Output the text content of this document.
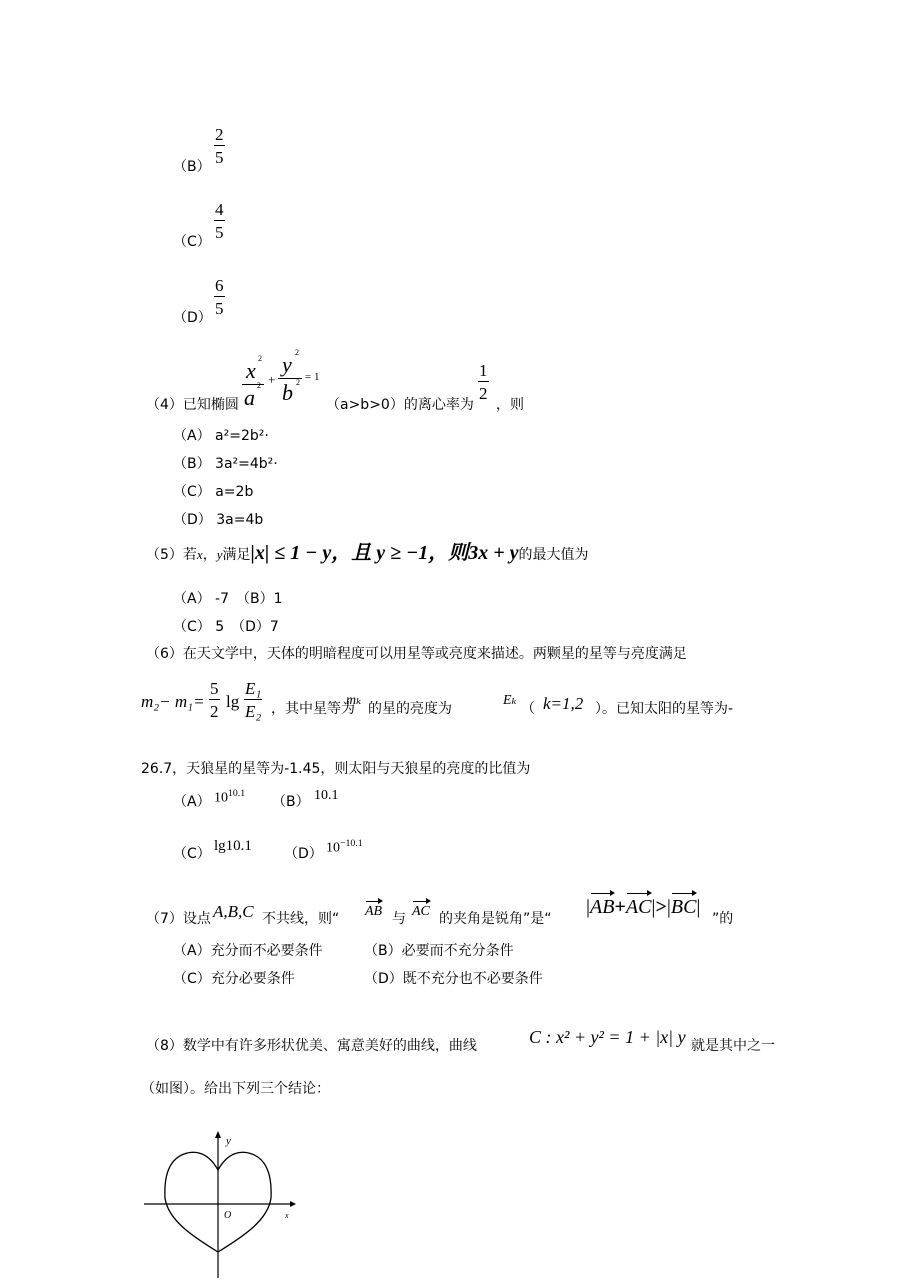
（B）
2
5
（C）
4
5
（D）
6
5
（4）已知椭圆
x 2
a 2 +
y 2
b 2 = 1
（a>b>0）的离心率为
1
2
，则
（A） a²=2b²·
（B） 3a²=4b²·
（C） a=2b
（D） 3a=4b
（5）若x，y满足|x| ≤ 1 − y，且 y ≥ −1，则3x + y的最大值为
（A） -7　（B）1
（C） 5　（D）7
（6）在天文学中，天体的明暗程度可以用星等或亮度来描述。两颗星的星等与亮度满足
m₂− m₁=
5
2
lg
E₁
E₂ ，其中星等为
mₖ
的星的亮度为
Eₖ
（ k=1,2 ）。已知太阳的星等为-
26.7，天狼星的星等为-1.45，则太阳与天狼星的亮度的比值为
（A） $10^{10.1}$
（B） 10.1
（C） lg10.1 （D） $10^{-10.1}$
（7）设点 A,B,C 不共线，则“ AB 与 AC 的夹角是锐角”是“
|AB+AC|>|BC|
”的
（A）充分而不必要条件	（B）必要而不充分条件
（C）充分必要条件	（D）既不充分也不必要条件
（8）数学中有许多形状优美、寓意美好的曲线，曲线	C : x² + y² = 1 + |x| y 就是其中之一
（如图）。给出下列三个结论：
y
x
O
